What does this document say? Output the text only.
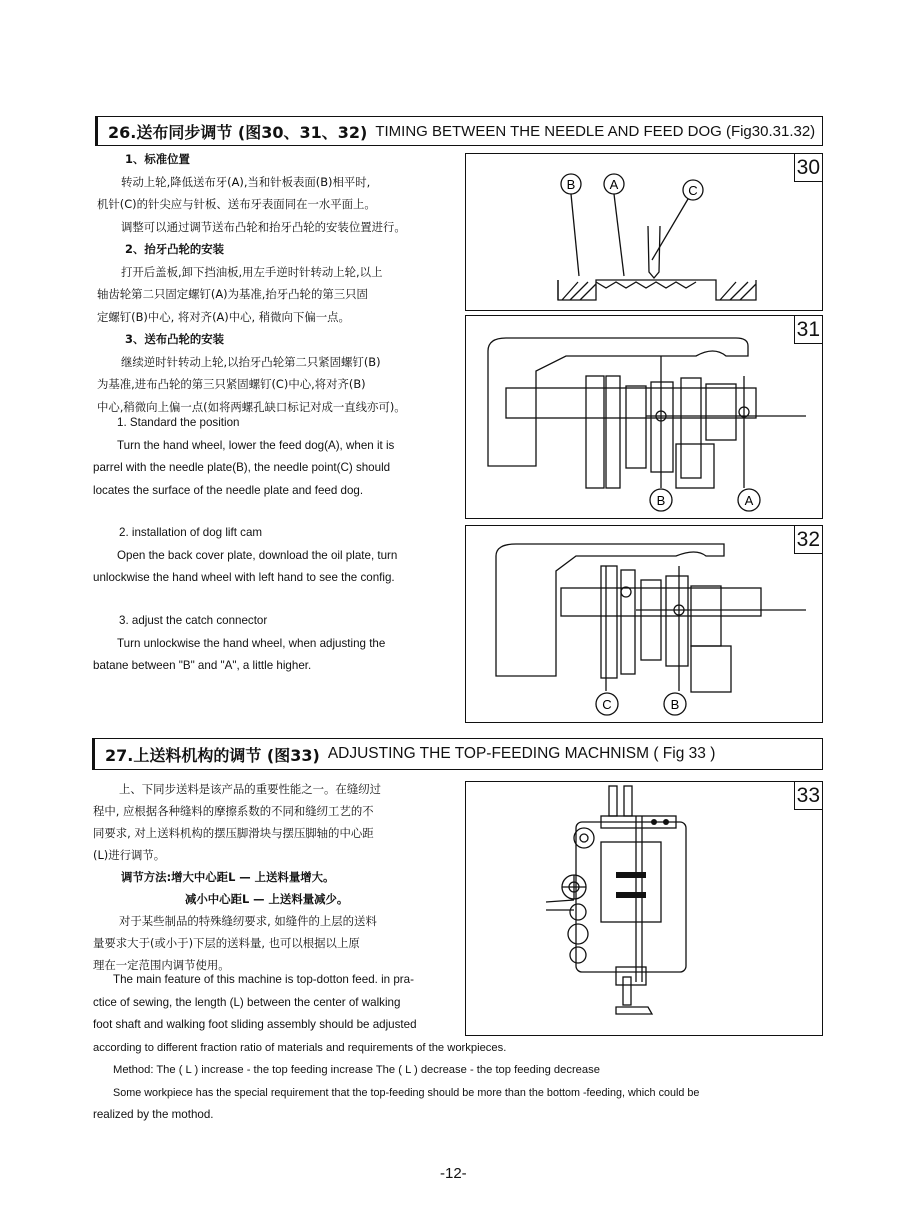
26.送布同步调节 (图30、31、32) TIMING BETWEEN THE NEEDLE AND FEED DOG (Fig30.31.32)

1、标准位置

转动上轮,降低送布牙(A),当和针板表面(B)相平时,

机针(C)的针尖应与针板、送布牙表面同在一水平面上。

调整可以通过调节送布凸轮和抬牙凸轮的安装位置进行。

2、抬牙凸轮的安装

打开后盖板,卸下挡油板,用左手逆时针转动上轮,以上

轴齿轮第二只固定螺钉(A)为基准,抬牙凸轮的第三只固

定螺钉(B)中心, 将对齐(A)中心, 稍微向下偏一点。

3、送布凸轮的安装

继续逆时针转动上轮,以抬牙凸轮第二只紧固螺钉(B)

为基准,进布凸轮的第三只紧固螺钉(C)中心,将对齐(B)

中心,稍微向上偏一点(如将两螺孔缺口标记对成一直线亦可)。

1. Standard the position

Turn the hand wheel, lower the feed dog(A), when it is

parrel with the needle plate(B), the needle point(C) should

locates the surface of the needle plate and feed dog.

2. installation of dog lift cam

Open the back cover plate, download the oil plate, turn

unlockwise the hand wheel with left hand to see the config.

3. adjust the catch connector

Turn unlockwise the hand wheel, when adjusting the

batane between "B" and "A", a little higher.

30
B	A	C
31
B	A
32
C	B
27.上送料机构的调节 (图33) ADJUSTING THE TOP-FEEDING MACHNISM ( Fig 33 )

上、下同步送料是该产品的重要性能之一。在缝纫过

程中, 应根据各种缝料的摩擦系数的不同和缝纫工艺的不

同要求, 对上送料机构的摆压脚滑块与摆压脚轴的中心距

(L)进行调节。

调节方法:增大中心距L — 上送料量增大。

减小中心距L — 上送料量减少。

对于某些制品的特殊缝纫要求, 如缝件的上层的送料

量要求大于(或小于)下层的送料量, 也可以根据以上原

理在一定范围内调节使用。

33

The main feature of this machine is top-dotton feed. in pra-

ctice of sewing, the length (L) between the center of walking

foot shaft and walking foot sliding assembly should be adjusted

according to different fraction ratio of materials and requirements of the workpieces.

Method: The ( L ) increase - the top feeding increase The ( L ) decrease - the top feeding decrease

Some workpiece has the special requirement that the top-feeding should be more than the bottom -feeding, which could be

realized by the mothod.

-12-
